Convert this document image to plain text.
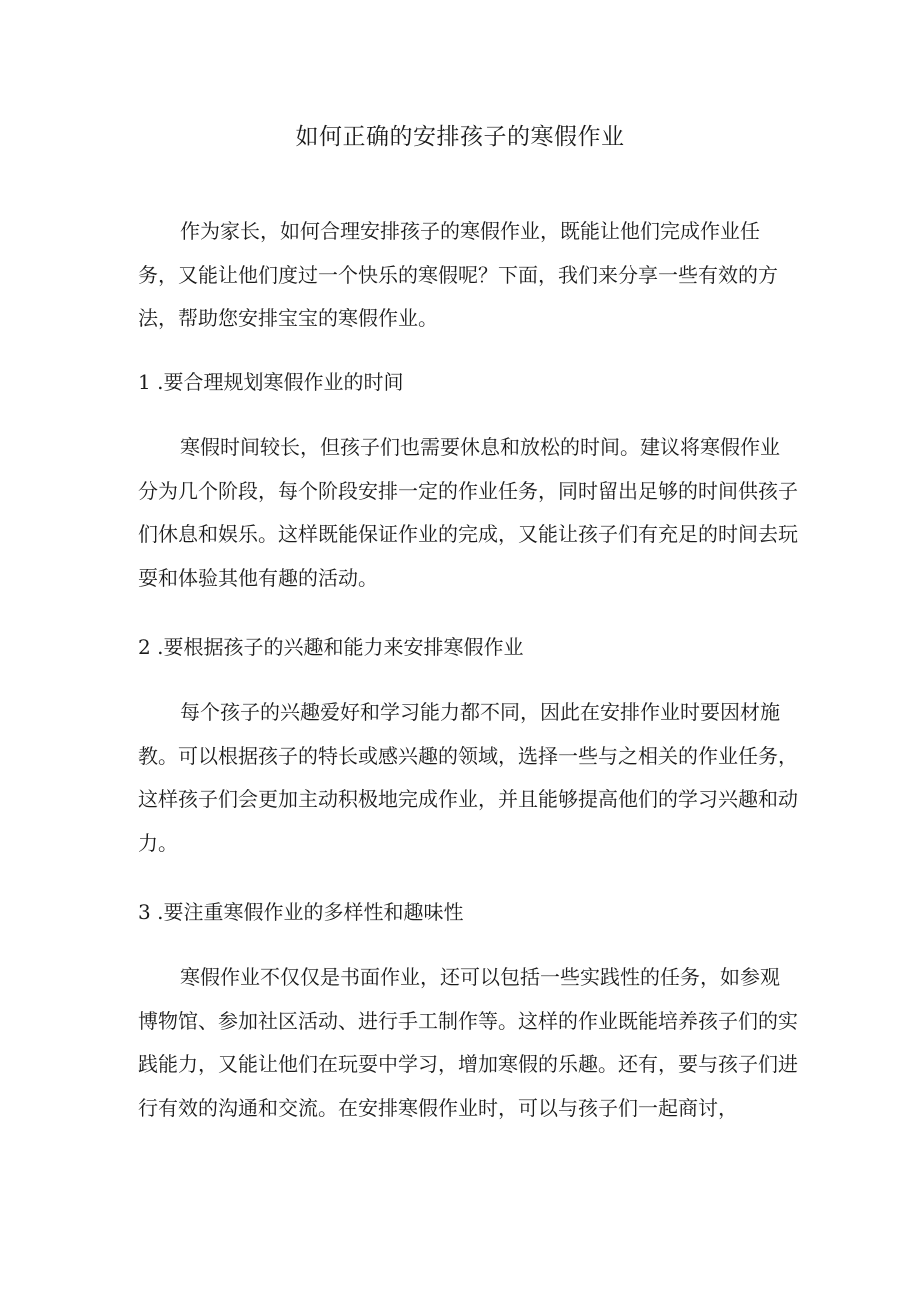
如何正确的安排孩子的寒假作业

作为家长，如何合理安排孩子的寒假作业，既能让他们完成作业任务，又能让他们度过一个快乐的寒假呢？下面，我们来分享一些有效的方法，帮助您安排宝宝的寒假作业。

1 .要合理规划寒假作业的时间

寒假时间较长，但孩子们也需要休息和放松的时间。建议将寒假作业分为几个阶段，每个阶段安排一定的作业任务，同时留出足够的时间供孩子们休息和娱乐。这样既能保证作业的完成，又能让孩子们有充足的时间去玩耍和体验其他有趣的活动。

2 .要根据孩子的兴趣和能力来安排寒假作业

每个孩子的兴趣爱好和学习能力都不同，因此在安排作业时要因材施教。可以根据孩子的特长或感兴趣的领域，选择一些与之相关的作业任务，这样孩子们会更加主动积极地完成作业，并且能够提高他们的学习兴趣和动力。

3 .要注重寒假作业的多样性和趣味性

寒假作业不仅仅是书面作业，还可以包括一些实践性的任务，如参观博物馆、参加社区活动、进行手工制作等。这样的作业既能培养孩子们的实践能力，又能让他们在玩耍中学习，增加寒假的乐趣。还有，要与孩子们进行有效的沟通和交流。在安排寒假作业时，可以与孩子们一起商讨，
